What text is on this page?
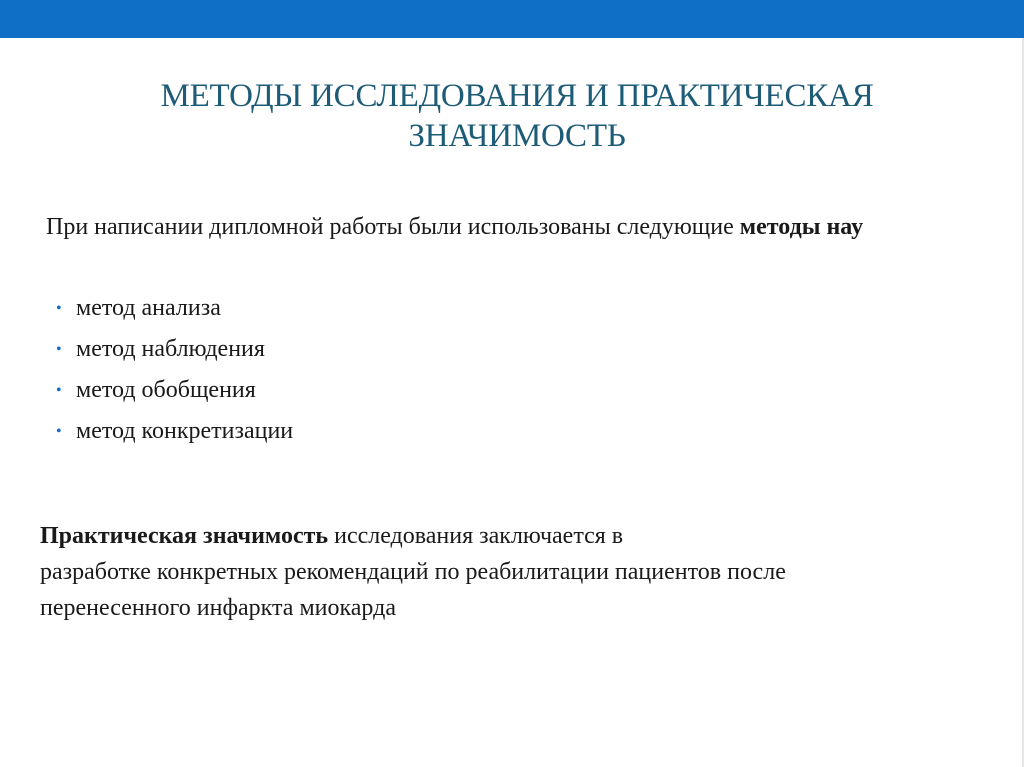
МЕТОДЫ ИССЛЕДОВАНИЯ И ПРАКТИЧЕСКАЯ
ЗНАЧИМОСТЬ

При написании дипломной работы были использованы следующие методы нау

• метод анализа
• метод наблюдения
• метод обобщения
• метод конкретизации

Практическая значимость исследования заключается в
разработке конкретных рекомендаций по реабилитации пациентов после
перенесенного инфаркта миокарда
